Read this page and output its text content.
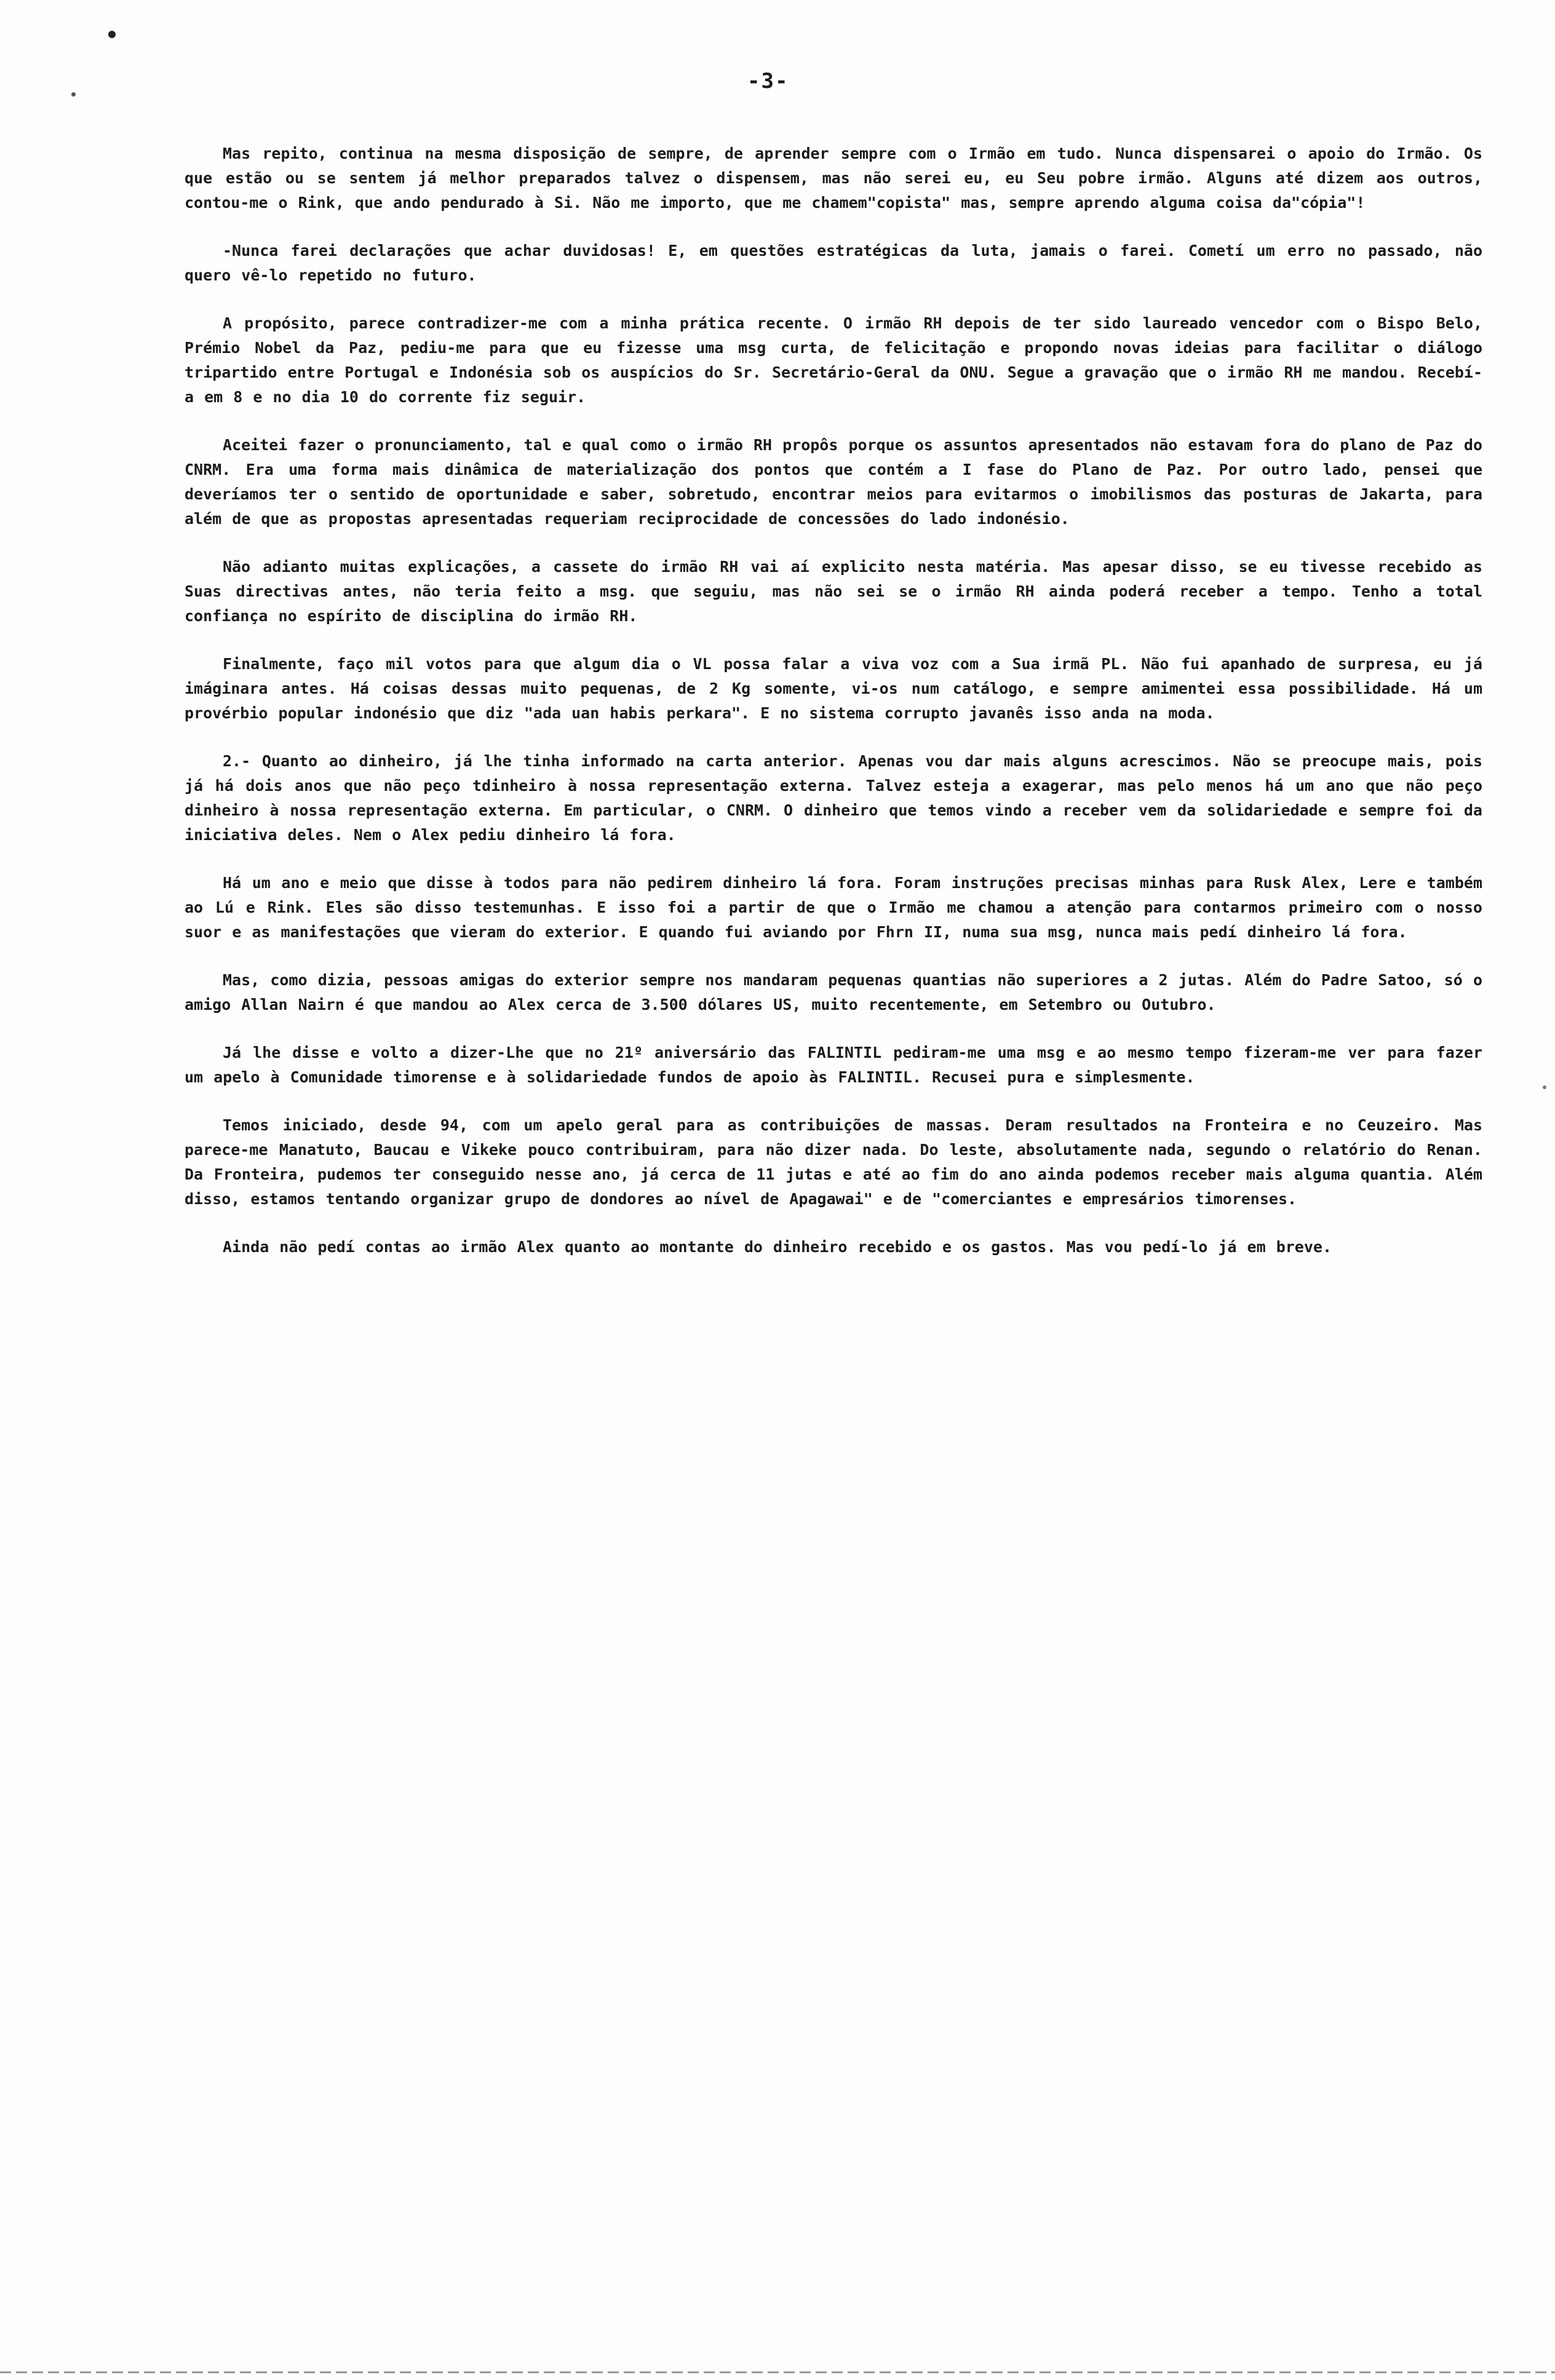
-3-

Mas repito, continua na mesma disposição de sempre, de aprender sempre com o Irmão em tudo. Nunca dispensarei o apoio do Irmão. Os que estão ou se sentem já melhor preparados talvez o dispensem, mas não serei eu, eu Seu pobre irmão. Alguns até dizem aos outros, contou-me o Rink, que ando pendurado à Si. Não me importo, que me chamem"copista" mas, sempre aprendo alguma coisa da"cópia"!

-Nunca farei declarações que achar duvidosas! E, em questões estratégicas da luta, jamais o farei. Cometí um erro no passado, não quero vê-lo repetido no futuro.

A propósito, parece contradizer-me com a minha prática recente. O irmão RH depois de ter sido laureado vencedor com o Bispo Belo, Prémio Nobel da Paz, pediu-me para que eu fizesse uma msg curta, de felicitação e propondo novas ideias para facilitar o diálogo tripartido entre Portugal e Indonésia sob os auspícios do Sr. Secretário-Geral da ONU. Segue a gravação que o irmão RH me mandou. Recebí-a em 8 e no dia 10 do corrente fiz seguir.

Aceitei fazer o pronunciamento, tal e qual como o irmão RH propôs porque os assuntos apresentados não estavam fora do plano de Paz do CNRM. Era uma forma mais dinâmica de materialização dos pontos que contém a I fase do Plano de Paz. Por outro lado, pensei que deveríamos ter o sentido de oportunidade e saber, sobretudo, encontrar meios para evitarmos o imobilismos das posturas de Jakarta, para além de que as propostas apresentadas requeriam reciprocidade de concessões do lado indonésio.

Não adianto muitas explicações, a cassete do irmão RH vai aí explicito nesta matéria. Mas apesar disso, se eu tivesse recebido as Suas directivas antes, não teria feito a msg. que seguiu, mas não sei se o irmão RH ainda poderá receber a tempo. Tenho a total confiança no espírito de disciplina do irmão RH.

Finalmente, faço mil votos para que algum dia o VL possa falar a viva voz com a Sua irmã PL. Não fui apanhado de surpresa, eu já imáginara antes. Há coisas dessas muito pequenas, de 2 Kg somente, vi-os num catálogo, e sempre amimentei essa possibilidade. Há um provérbio popular indonésio que diz "ada uan habis perkara". E no sistema corrupto javanês isso anda na moda.

2.- Quanto ao dinheiro, já lhe tinha informado na carta anterior. Apenas vou dar mais alguns acrescimos. Não se preocupe mais, pois já há dois anos que não peço tdinheiro à nossa representação externa. Talvez esteja a exagerar, mas pelo menos há um ano que não peço dinheiro à nossa representação externa. Em particular, o CNRM. O dinheiro que temos vindo a receber vem da solidariedade e sempre foi da iniciativa deles. Nem o Alex pediu dinheiro lá fora.

Há um ano e meio que disse à todos para não pedirem dinheiro lá fora. Foram instruções precisas minhas para Rusk Alex, Lere e também ao Lú e Rink. Eles são disso testemunhas. E isso foi a partir de que o Irmão me chamou a atenção para contarmos primeiro com o nosso suor e as manifestações que vieram do exterior. E quando fui aviando por Fhrn II, numa sua msg, nunca mais pedí dinheiro lá fora.

Mas, como dizia, pessoas amigas do exterior sempre nos mandaram pequenas quantias não superiores a 2 jutas. Além do Padre Satoo, só o amigo Allan Nairn é que mandou ao Alex cerca de 3.500 dólares US, muito recentemente, em Setembro ou Outubro.

Já lhe disse e volto a dizer-Lhe que no 21º aniversário das FALINTIL pediram-me uma msg e ao mesmo tempo fizeram-me ver para fazer um apelo à Comunidade timorense e à solidariedade fundos de apoio às FALINTIL. Recusei pura e simplesmente.

Temos iniciado, desde 94, com um apelo geral para as contribuições de massas. Deram resultados na Fronteira e no Ceuzeiro. Mas parece-me Manatuto, Baucau e Vikeke pouco contribuiram, para não dizer nada. Do leste, absolutamente nada, segundo o relatório do Renan. Da Fronteira, pudemos ter conseguido nesse ano, já cerca de 11 jutas e até ao fim do ano ainda podemos receber mais alguma quantia. Além disso, estamos tentando organizar grupo de dondores ao nível de Apagawai" e de "comerciantes e empresários timorenses.

Ainda não pedí contas ao irmão Alex quanto ao montante do dinheiro recebido e os gastos. Mas vou pedí-lo já em breve.
